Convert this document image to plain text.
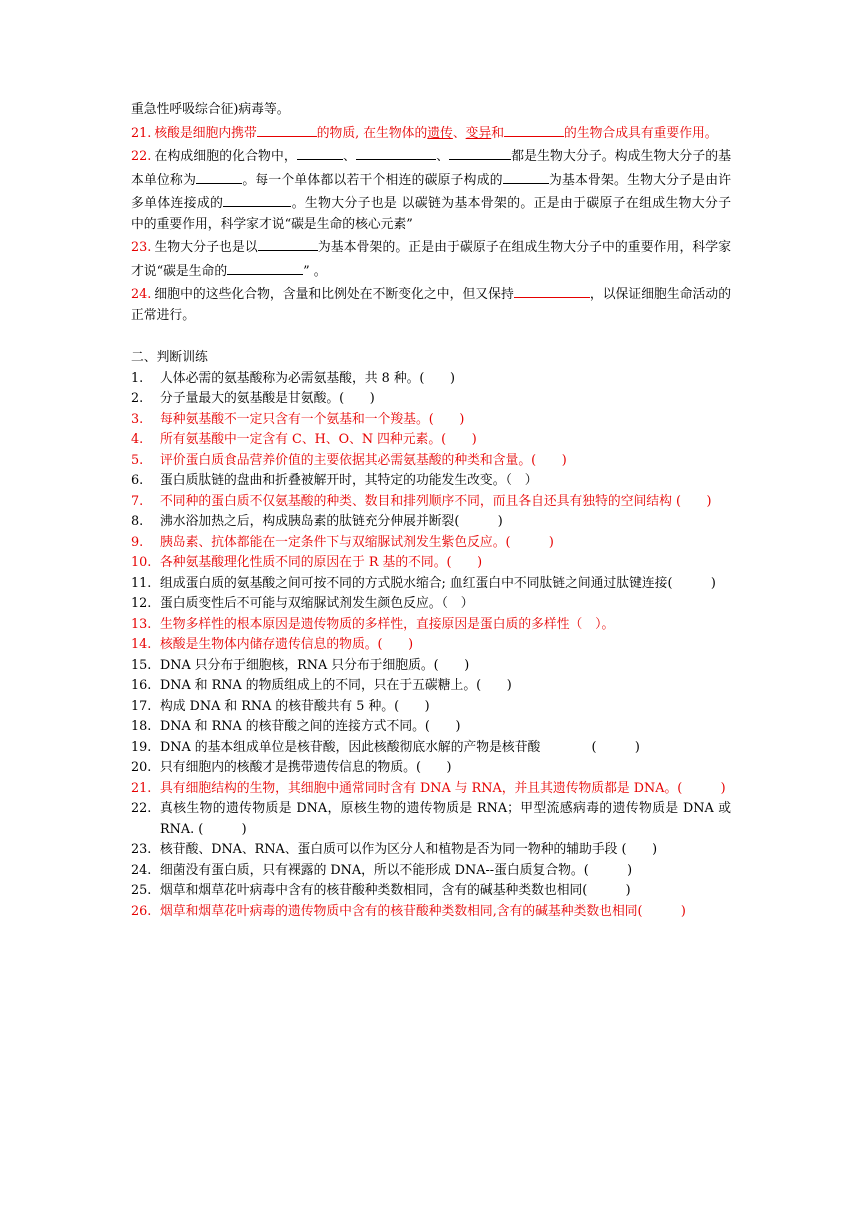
重急性呼吸综合征)病毒等。

21. 核酸是细胞内携带	的物质, 在生物体的遗传、变异和	的生物合成具有重要作用。

22. 在构成细胞的化合物中，	、	、	都是生物大分子。构成生物大分子的基本单位称为	。每一个单体都以若干个相连的碳原子构成的	为基本骨架。生物大分子是由许多单体连接成的	。生物大分子也是 以碳链为基本骨架的。正是由于碳原子在组成生物大分子 中的重要作用，科学家才说“碳是生命的核心元素”

23. 生物大分子也是以	为基本骨架的。正是由于碳原子在组成生物大分子中的重要作用，科学家才说“碳是生命的	” 。

24. 细胞中的这些化合物，含量和比例处在不断变化之中，但又保持	，以保证细胞生命活动的正常进行。

二、判断训练

1. 人体必需的氨基酸称为必需氨基酸，共 8 种。(　　)
2. 分子量最大的氨基酸是甘氨酸。(　　)
3. 每种氨基酸不一定只含有一个氨基和一个羧基。(　　)
4. 所有氨基酸中一定含有 C、H、O、N 四种元素。(　　)
5. 评价蛋白质食品营养价值的主要依据其必需氨基酸的种类和含量。(　　)
6. 蛋白质肽链的盘曲和折叠被解开时，其特定的功能发生改变。（　）
7. 不同种的蛋白质不仅氨基酸的种类、数目和排列顺序不同，而且各自还具有独特的空间结构 (　　)
8. 沸水浴加热之后，构成胰岛素的肽链充分伸展并断裂(　　　)
9. 胰岛素、抗体都能在一定条件下与双缩脲试剂发生紫色反应。(　　　)
10. 各种氨基酸理化性质不同的原因在于 R 基的不同。(　　)
11. 组成蛋白质的氨基酸之间可按不同的方式脱水缩合; 血红蛋白中不同肽链之间通过肽键连接(　　　)
12. 蛋白质变性后不可能与双缩脲试剂发生颜色反应。（　）
13. 生物多样性的根本原因是遗传物质的多样性，直接原因是蛋白质的多样性（　）。
14. 核酸是生物体内储存遗传信息的物质。(　　)
15. DNA 只分布于细胞核，RNA 只分布于细胞质。(　　)
16. DNA 和 RNA 的物质组成上的不同，只在于五碳糖上。(　　)
17. 构成 DNA 和 RNA 的核苷酸共有 5 种。(　　)
18. DNA 和 RNA 的核苷酸之间的连接方式不同。(　　)
19. DNA 的基本组成单位是核苷酸，因此核酸彻底水解的产物是核苷酸　　　　(　　　)
20. 只有细胞内的核酸才是携带遗传信息的物质。(　　)
21. 具有细胞结构的生物，其细胞中通常同时含有 DNA 与 RNA，并且其遗传物质都是 DNA。(　　　)
22. 真核生物的遗传物质是 DNA，原核生物的遗传物质是 RNA；甲型流感病毒的遗传物质是 DNA 或 RNA. (　　　)
23. 核苷酸、DNA、RNA、蛋白质可以作为区分人和植物是否为同一物种的辅助手段 (　　)
24. 细菌没有蛋白质，只有裸露的 DNA，所以不能形成 DNA--蛋白质复合物。(　　　)
25. 烟草和烟草花叶病毒中含有的核苷酸种类数相同，含有的碱基种类数也相同(　　　)
26. 烟草和烟草花叶病毒的遗传物质中含有的核苷酸种类数相同,含有的碱基种类数也相同(　　　)
